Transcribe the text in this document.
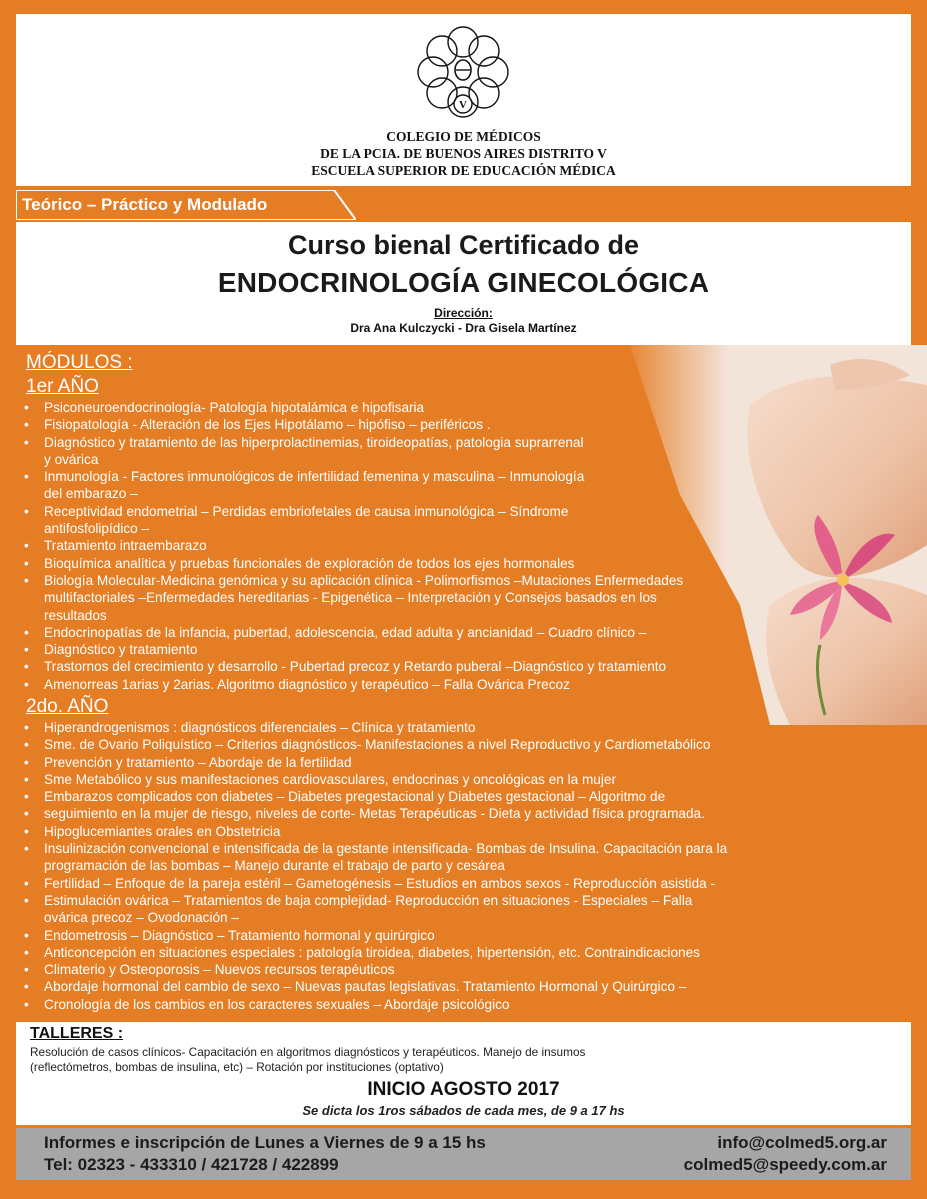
V
COLEGIO DE MÉDICOS
DE LA PCIA. DE BUENOS AIRES DISTRITO V
ESCUELA SUPERIOR DE EDUCACIÓN MÉDICA
Teórico – Práctico y Modulado
Curso bienal Certificado de
ENDOCRINOLOGÍA GINECOLÓGICA
Dirección:
Dra Ana Kulczycki - Dra Gisela Martínez
MÓDULOS :
1er AÑO
• Psiconeuroendocrinología- Patología hipotalámica e hipofisaria
• Fisiopatología - Alteración de los Ejes Hipotálamo – hipófiso – periféricos .
• Diagnóstico y tratamiento de las hiperprolactinemias, tiroideopatías, patologia suprarrenal
y ovárica
• Inmunología - Factores inmunológicos de infertilidad femenina y masculina – Inmunología
del embarazo –
• Receptividad endometrial – Perdidas embriofetales de causa inmunológica – Síndrome
antifosfolipídico –
• Tratamiento intraembarazo
• Bioquímica analítica y pruebas funcionales de exploración de todos los ejes hormonales
• Biología Molecular-Medicina genómica y su aplicación clínica - Polimorfismos –Mutaciones Enfermedades
multifactoriales –Enfermedades hereditarias - Epigenética – Interpretación y Consejos basados en los
resultados
• Endocrinopatías de la infancia, pubertad, adolescencia, edad adulta y ancianidad – Cuadro clínico –
• Diagnóstico y tratamiento
• Trastornos del crecimiento y desarrollo - Pubertad precoz y Retardo puberal –Diagnóstico y tratamiento
• Amenorreas 1arias y 2arias. Algoritmo diagnóstico y terapéutico – Falla Ovárica Precoz
2do. AÑO
• Hiperandrogenismos : diagnósticos diferenciales – Clínica y tratamiento
• Sme. de Ovario Poliquístico – Criterios diagnósticos- Manifestaciones a nivel Reproductivo y Cardiometabólico
• Prevención y tratamiento – Abordaje de la fertilidad
• Sme Metabólico y sus manifestaciones cardiovasculares, endocrinas y oncológicas en la mujer
• Embarazos complicados con diabetes – Diabetes pregestacional y Diabetes gestacional – Algoritmo de
• seguimiento en la mujer de riesgo, niveles de corte- Metas Terapéuticas - Dieta y actividad física programada.
• Hipoglucemiantes orales en Obstetricia
• Insulinización convencional e intensificada de la gestante intensificada- Bombas de Insulina. Capacitación para la
programación de las bombas – Manejo durante el trabajo de parto y cesárea
• Fertilidad – Enfoque de la pareja estéril – Gametogénesis – Estudios en ambos sexos - Reproducción asistida -
• Estimulación ovárica – Tratamientos de baja complejidad- Reproducción en situaciones - Especiales – Falla
ovárica precoz – Ovodonación –
• Endometrosis – Diagnóstico – Tratamiento hormonal y quirúrgico
• Anticoncepción en situaciones especiales : patología tiroidea, diabetes, hipertensión, etc. Contraindicaciones
• Climaterio y Osteoporosis – Nuevos recursos terapéuticos
• Abordaje hormonal del cambio de sexo – Nuevas pautas legislativas. Tratamiento Hormonal y Quirúrgico –
• Cronología de los cambios en los caracteres sexuales – Abordaje psicológico
TALLERES :
Resolución de casos clínicos- Capacitación en algoritmos diagnósticos y terapéuticos. Manejo de insumos
(reflectómetros, bombas de insulina, etc) – Rotación por instituciones (optativo)
INICIO AGOSTO 2017
Se dicta los 1ros sábados de cada mes, de 9 a 17 hs
Informes e inscripción de Lunes a Viernes de 9 a 15 hs
Tel: 02323 - 433310 / 421728 / 422899
info@colmed5.org.ar
colmed5@speedy.com.ar
